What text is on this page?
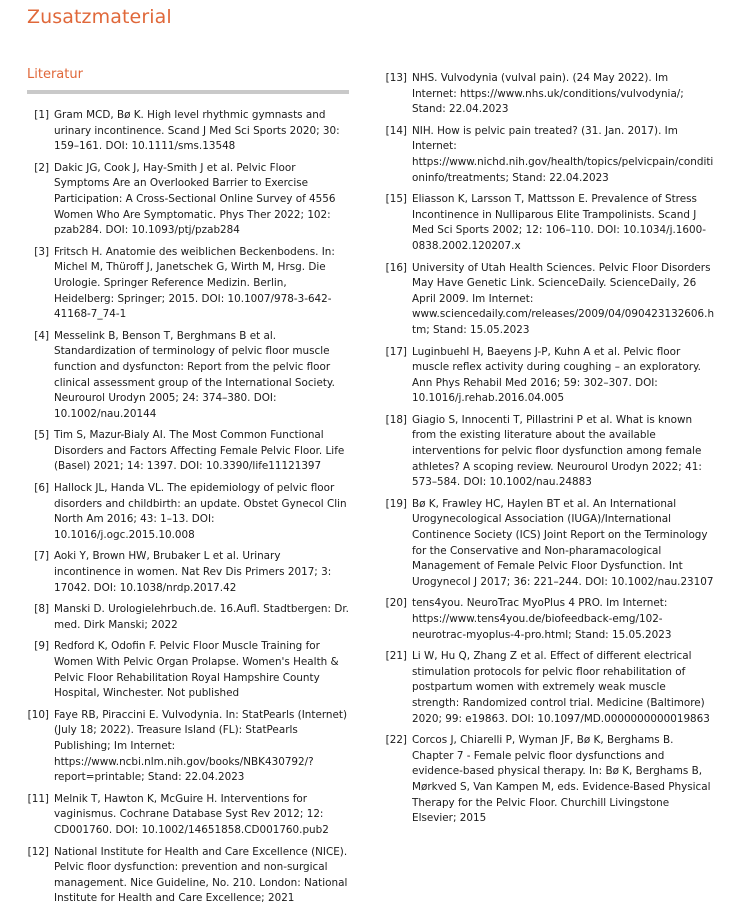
Zusatzmaterial
Literatur
[1] Gram MCD, Bø K. High level rhythmic gymnasts and urinary incontinence. Scand J Med Sci Sports 2020; 30: 159–161. DOI: 10.1111/sms.13548
[2] Dakic JG, Cook J, Hay-Smith J et al. Pelvic Floor Symptoms Are an Overlooked Barrier to Exercise Participation: A Cross-Sectional Online Survey of 4556 Women Who Are Symptomatic. Phys Ther 2022; 102: pzab284. DOI: 10.1093/ptj/pzab284
[3] Fritsch H. Anatomie des weiblichen Beckenbodens. In: Michel M, Thüroff J, Janetschek G, Wirth M, Hrsg. Die Urologie. Springer Reference Medizin. Berlin, Heidelberg: Springer; 2015. DOI: 10.1007/978-3-642-41168-7_74-1
[4] Messelink B, Benson T, Berghmans B et al. Standardization of terminology of pelvic floor muscle function and dysfuncton: Report from the pelvic floor clinical assessment group of the International Society. Neurourol Urodyn 2005; 24: 374–380. DOI: 10.1002/nau.20144
[5] Tim S, Mazur-Bialy AI. The Most Common Functional Disorders and Factors Affecting Female Pelvic Floor. Life (Basel) 2021; 14: 1397. DOI: 10.3390/life11121397
[6] Hallock JL, Handa VL. The epidemiology of pelvic floor disorders and childbirth: an update. Obstet Gynecol Clin North Am 2016; 43: 1–13. DOI: 10.1016/j.ogc.2015.10.008
[7] Aoki Y, Brown HW, Brubaker L et al. Urinary incontinence in women. Nat Rev Dis Primers 2017; 3: 17042. DOI: 10.1038/nrdp.2017.42
[8] Manski D. Urologielehrbuch.de. 16.Aufl. Stadtbergen: Dr. med. Dirk Manski; 2022
[9] Redford K, Odofin F. Pelvic Floor Muscle Training for Women With Pelvic Organ Prolapse. Women's Health & Pelvic Floor Rehabilitation Royal Hampshire County Hospital, Winchester. Not published
[10] Faye RB, Piraccini E. Vulvodynia. In: StatPearls (Internet) (July 18; 2022). Treasure Island (FL): StatPearls Publishing; Im Internet: https://www.ncbi.nlm.nih.gov/books/NBK430792/?report=printable; Stand: 22.04.2023
[11] Melnik T, Hawton K, McGuire H. Interventions for vaginismus. Cochrane Database Syst Rev 2012; 12: CD001760. DOI: 10.1002/14651858.CD001760.pub2
[12] National Institute for Health and Care Excellence (NICE). Pelvic floor dysfunction: prevention and non-surgical management. Nice Guideline, No. 210. London: National Institute for Health and Care Excellence; 2021
[13] NHS. Vulvodynia (vulval pain). (24 May 2022). Im Internet: https://www.nhs.uk/conditions/vulvodynia/; Stand: 22.04.2023
[14] NIH. How is pelvic pain treated? (31. Jan. 2017). Im Internet: https://www.nichd.nih.gov/health/topics/pelvicpain/conditioninfo/treatments; Stand: 22.04.2023
[15] Eliasson K, Larsson T, Mattsson E. Prevalence of Stress Incontinence in Nulliparous Elite Trampolinists. Scand J Med Sci Sports 2002; 12: 106–110. DOI: 10.1034/j.1600-0838.2002.120207.x
[16] University of Utah Health Sciences. Pelvic Floor Disorders May Have Genetic Link. ScienceDaily. ScienceDaily, 26 April 2009. Im Internet: www.sciencedaily.com/releases/2009/04/090423132606.htm; Stand: 15.05.2023
[17] Luginbuehl H, Baeyens J-P, Kuhn A et al. Pelvic floor muscle reflex activity during coughing – an exploratory. Ann Phys Rehabil Med 2016; 59: 302–307. DOI: 10.1016/j.rehab.2016.04.005
[18] Giagio S, Innocenti T, Pillastrini P et al. What is known from the existing literature about the available interventions for pelvic floor dysfunction among female athletes? A scoping review. Neurourol Urodyn 2022; 41: 573–584. DOI: 10.1002/nau.24883
[19] Bø K, Frawley HC, Haylen BT et al. An International Urogynecological Association (IUGA)/International Continence Society (ICS) Joint Report on the Terminology for the Conservative and Non-pharamacological Management of Female Pelvic Floor Dysfunction. Int Urogynecol J 2017; 36: 221–244. DOI: 10.1002/nau.23107
[20] tens4you. NeuroTrac MyoPlus 4 PRO. Im Internet: https://www.tens4you.de/biofeedback-emg/102-neurotrac-myoplus-4-pro.html; Stand: 15.05.2023
[21] Li W, Hu Q, Zhang Z et al. Effect of different electrical stimulation protocols for pelvic floor rehabilitation of postpartum women with extremely weak muscle strength: Randomized control trial. Medicine (Baltimore) 2020; 99: e19863. DOI: 10.1097/MD.0000000000019863
[22] Corcos J, Chiarelli P, Wyman JF, Bø K, Berghams B. Chapter 7 - Female pelvic floor dysfunctions and evidence-based physical therapy. In: Bø K, Berghams B, Mørkved S, Van Kampen M, eds. Evidence-Based Physical Therapy for the Pelvic Floor. Churchill Livingstone Elsevier; 2015
